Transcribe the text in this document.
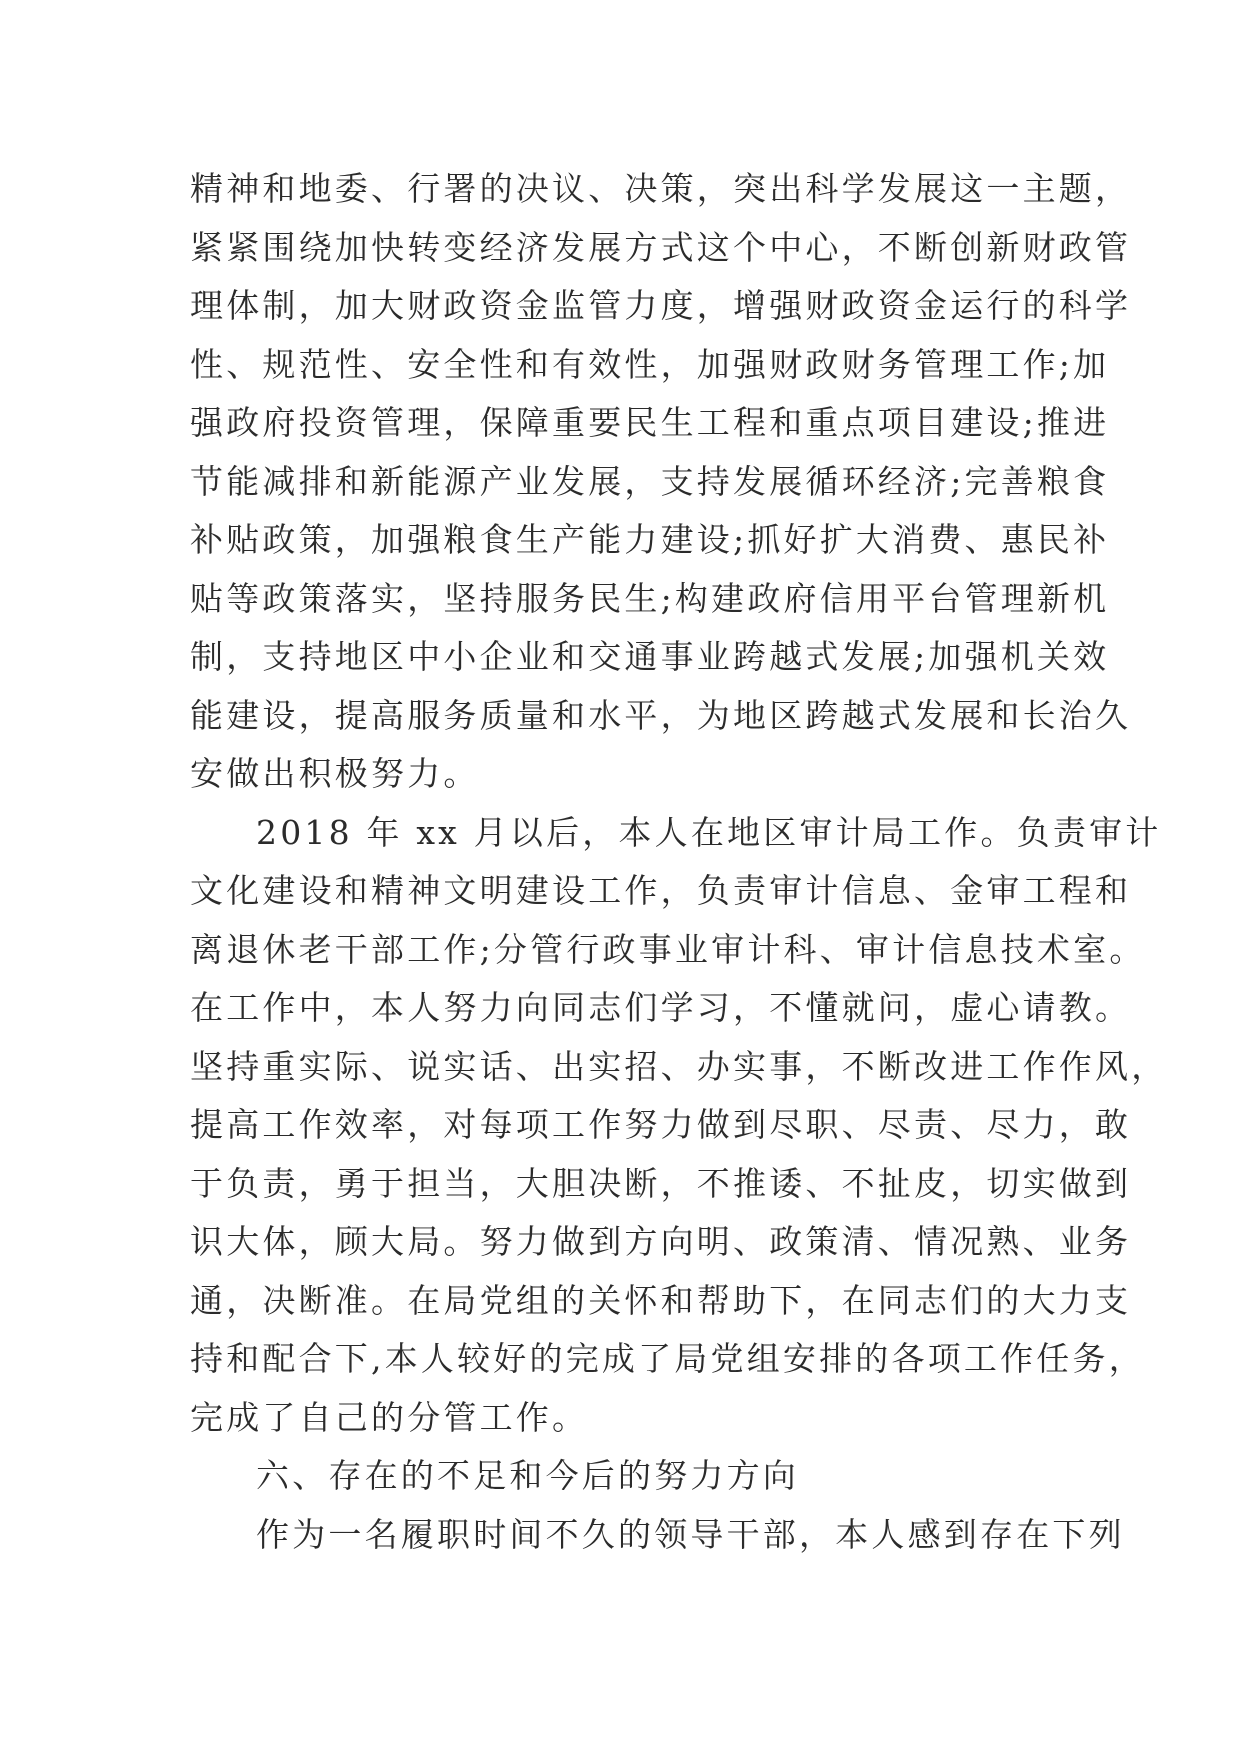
精神和地委、行署的决议、决策，突出科学发展这一主题，
紧紧围绕加快转变经济发展方式这个中心，不断创新财政管
理体制，加大财政资金监管力度，增强财政资金运行的科学
性、规范性、安全性和有效性，加强财政财务管理工作;加
强政府投资管理，保障重要民生工程和重点项目建设;推进
节能减排和新能源产业发展，支持发展循环经济;完善粮食
补贴政策，加强粮食生产能力建设;抓好扩大消费、惠民补
贴等政策落实，坚持服务民生;构建政府信用平台管理新机
制，支持地区中小企业和交通事业跨越式发展;加强机关效
能建设，提高服务质量和水平，为地区跨越式发展和长治久
安做出积极努力。
2018 年 xx 月以后，本人在地区审计局工作。负责审计
文化建设和精神文明建设工作，负责审计信息、金审工程和
离退休老干部工作;分管行政事业审计科、审计信息技术室。
在工作中，本人努力向同志们学习，不懂就问，虚心请教。
坚持重实际、说实话、出实招、办实事，不断改进工作作风，
提高工作效率，对每项工作努力做到尽职、尽责、尽力，敢
于负责，勇于担当，大胆决断，不推诿、不扯皮，切实做到
识大体，顾大局。努力做到方向明、政策清、情况熟、业务
通，决断准。在局党组的关怀和帮助下，在同志们的大力支
持和配合下,本人较好的完成了局党组安排的各项工作任务，
完成了自己的分管工作。
六、存在的不足和今后的努力方向
作为一名履职时间不久的领导干部，本人感到存在下列
